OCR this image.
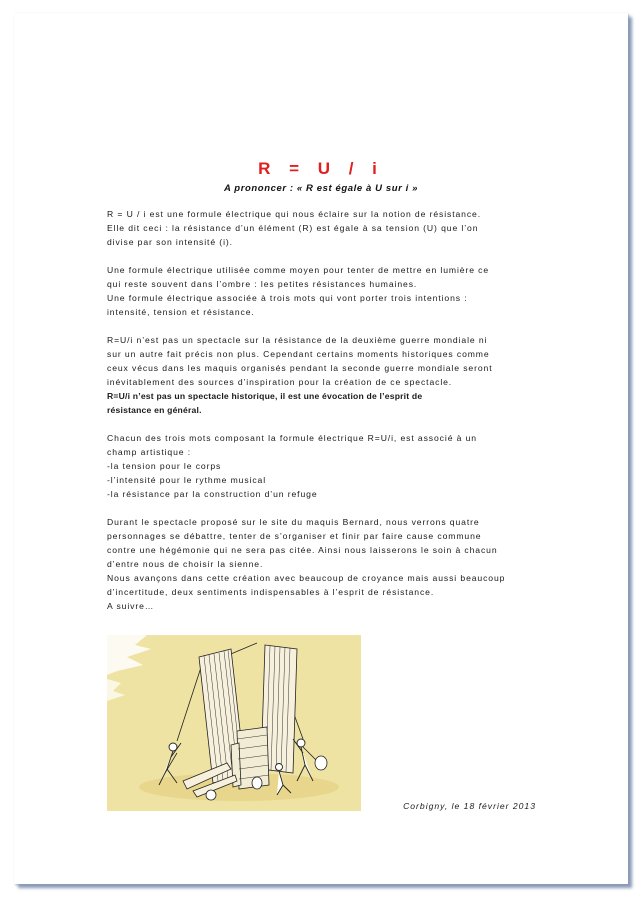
R = U / i
A prononcer : « R est égale à U sur i »
R = U / i est une formule électrique qui nous éclaire sur la notion de résistance.
Elle dit ceci : la résistance d’un élément (R) est égale à sa tension (U) que l’on
divise par son intensité (i).
Une formule électrique utilisée comme moyen pour tenter de mettre en lumière ce
qui reste souvent dans l’ombre : les petites résistances humaines.
Une formule électrique associée à trois mots qui vont porter trois intentions :
intensité, tension et résistance.
R=U/i n’est pas un spectacle sur la résistance de la deuxième guerre mondiale ni
sur un autre fait précis non plus. Cependant certains moments historiques comme
ceux vécus dans les maquis organisés pendant la seconde guerre mondiale seront
inévitablement des sources d’inspiration pour la création de ce spectacle.
R=U/i n’est pas un spectacle historique, il est une évocation de l’esprit de
résistance en général.
Chacun des trois mots composant la formule électrique R=U/i, est associé à un
champ artistique :
-la tension pour le corps
-l’intensité pour le rythme musical
-la résistance par la construction d’un refuge
Durant le spectacle proposé sur le site du maquis Bernard, nous verrons quatre
personnages se débattre, tenter de s’organiser et finir par faire cause commune
contre une hégémonie qui ne sera pas citée. Ainsi nous laisserons le soin à chacun
d’entre nous de choisir la sienne.
Nous avançons dans cette création avec beaucoup de croyance mais aussi beaucoup
d’incertitude, deux sentiments indispensables à l’esprit de résistance.
A suivre…
Corbigny, le 18 février 2013
